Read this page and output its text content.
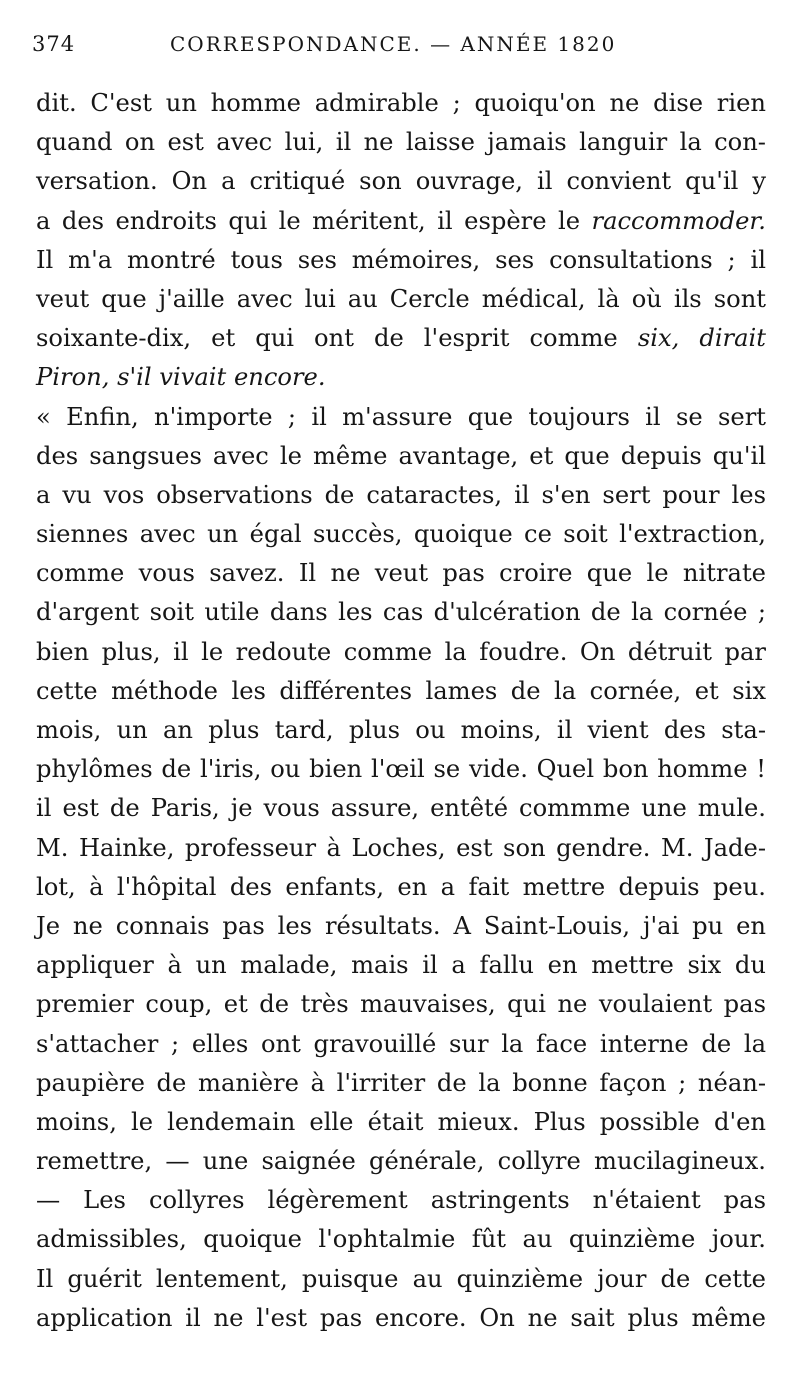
374	CORRESPONDANCE. — ANNÉE 1820
dit. C'est un homme admirable ; quoiqu'on ne dise rien
quand on est avec lui, il ne laisse jamais languir la con-
versation. On a critiqué son ouvrage, il convient qu'il y
a des endroits qui le méritent, il espère le raccommoder.
Il m'a montré tous ses mémoires, ses consultations ; il
veut que j'aille avec lui au Cercle médical, là où ils sont
soixante-dix, et qui ont de l'esprit comme six, dirait
Piron, s'il vivait encore.
« Enfin, n'importe ; il m'assure que toujours il se sert
des sangsues avec le même avantage, et que depuis qu'il
a vu vos observations de cataractes, il s'en sert pour les
siennes avec un égal succès, quoique ce soit l'extraction,
comme vous savez. Il ne veut pas croire que le nitrate
d'argent soit utile dans les cas d'ulcération de la cornée ;
bien plus, il le redoute comme la foudre. On détruit par
cette méthode les différentes lames de la cornée, et six
mois, un an plus tard, plus ou moins, il vient des sta-
phylômes de l'iris, ou bien l'œil se vide. Quel bon homme !
il est de Paris, je vous assure, entêté commme une mule.
M. Hainke, professeur à Loches, est son gendre. M. Jade-
lot, à l'hôpital des enfants, en a fait mettre depuis peu.
Je ne connais pas les résultats. A Saint-Louis, j'ai pu en
appliquer à un malade, mais il a fallu en mettre six du
premier coup, et de très mauvaises, qui ne voulaient pas
s'attacher ; elles ont gravouillé sur la face interne de la
paupière de manière à l'irriter de la bonne façon ; néan-
moins, le lendemain elle était mieux. Plus possible d'en
remettre, — une saignée générale, collyre mucilagineux.
— Les collyres légèrement astringents n'étaient pas
admissibles, quoique l'ophtalmie fût au quinzième jour.
Il guérit lentement, puisque au quinzième jour de cette
application il ne l'est pas encore. On ne sait plus même
